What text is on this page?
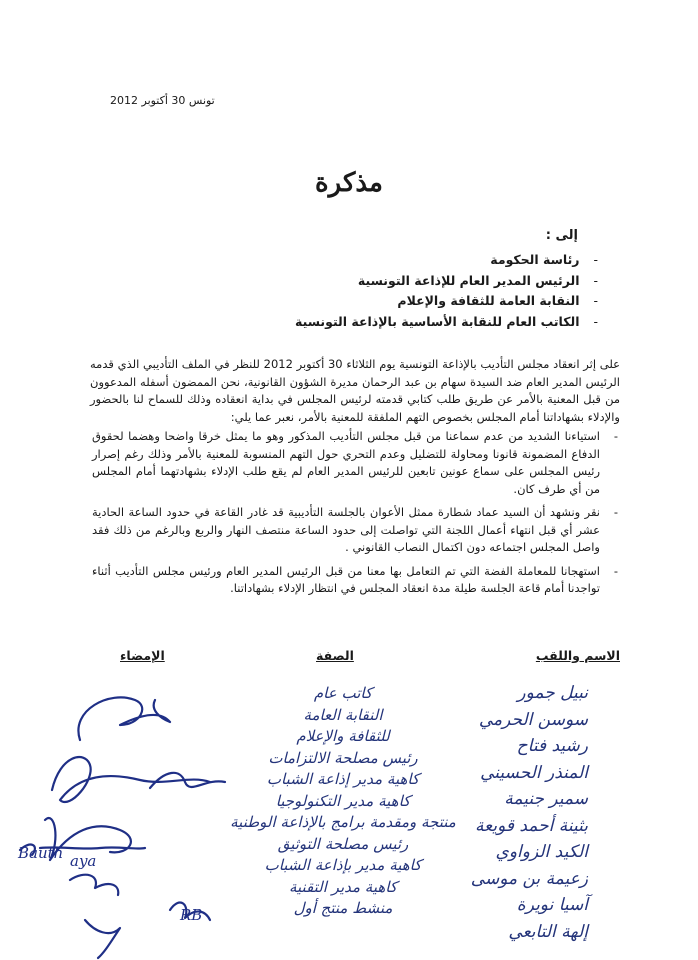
تونس 30 أكتوبر 2012
مذكرة
إلى :
- رئاسة الحكومة
- الرئيس المدير العام للإذاعة التونسية
- النقابة العامة للثقافة والإعلام
- الكاتب العام للنقابة الأساسية بالإذاعة التونسية

على إثر انعقاد مجلس التأديب بالإذاعة التونسية يوم الثلاثاء 30 أكتوبر 2012 للنظر في الملف التأديبي الذي قدمه الرئيس المدير العام ضد السيدة سهام بن عبد الرحمان مديرة الشؤون القانونية، نحن الممضون أسفله المدعوون من قبل المعنية بالأمر عن طريق طلب كتابي قدمته لرئيس المجلس في بداية انعقاده وذلك للسماح لنا بالحضور والإدلاء بشهاداتنا أمام المجلس بخصوص التهم الملفقة للمعنية بالأمر، نعبر عما يلي:

- استياءنا الشديد من عدم سماعنا من قبل مجلس التأديب المذكور وهو ما يمثل خرقا واضحا وهضما لحقوق الدفاع المضمونة قانونا ومحاولة للتضليل وعدم التحري حول التهم المنسوبة للمعنية بالأمر وذلك رغم إصرار رئيس المجلس على سماع عونين تابعين للرئيس المدير العام لم يقع طلب الإدلاء بشهادتهما أمام المجلس من أي طرف كان.
- نقر ونشهد أن السيد عماد شطارة ممثل الأعوان بالجلسة التأديبية قد غادر القاعة في حدود الساعة الحادية عشر أي قبل انتهاء أعمال اللجنة التي تواصلت إلى حدود الساعة منتصف النهار والربع وبالرغم من ذلك فقد واصل المجلس اجتماعه دون اكتمال النصاب القانوني .
- استهجانا للمعاملة الفضة التي تم التعامل بها معنا من قبل الرئيس المدير العام ورئيس مجلس التأديب أثناء تواجدنا أمام قاعة الجلسة طيلة مدة انعقاد المجلس في انتظار الإدلاء بشهاداتنا.
الاسم واللقب
الصفة
الإمضاء
نبيل جمور
سوسن الحرمي
رشيد فتاح
المنذر الحسيني
سمير جنيمة
بثينة أحمد قويعة
الكيد الزواوي
زعيمة بن موسى
آسيا نويرة
إلهة التابعي
كاتب عام
النقابة العامة
للثقافة والإعلام
رئيس مصلحة الالتزامات
كاهية مدير إذاعة الشباب
كاهية مدير التكنولوجيا
منتجة ومقدمة برامج بالإذاعة الوطنية
رئيس مصلحة التوثيق
كاهية مدير بإذاعة الشباب
كاهية مدير التقنية
منشط منتج أول
Bauth aya
RB
